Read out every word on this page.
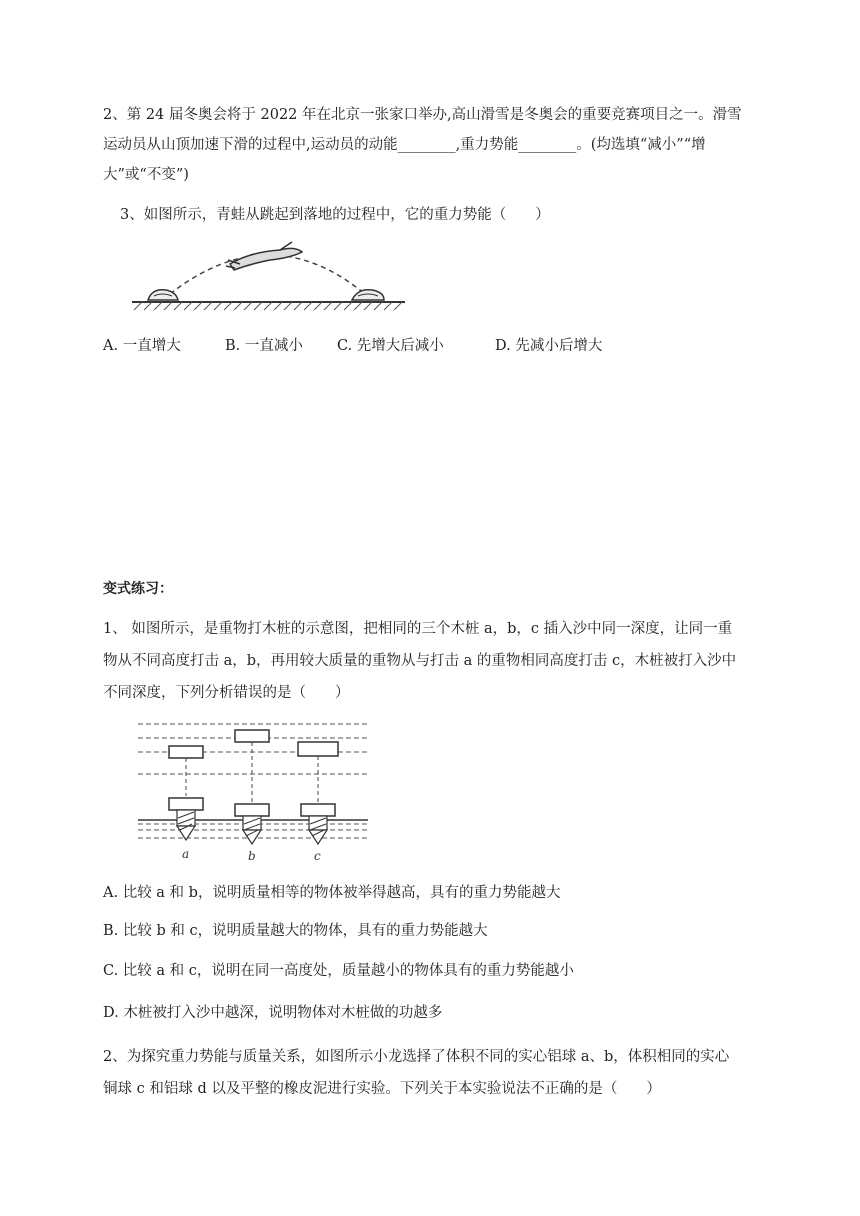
2、第 24 届冬奥会将于 2022 年在北京一张家口举办,高山滑雪是冬奥会的重要竞赛项目之一。滑雪
运动员从山顶加速下滑的过程中,运动员的动能________,重力势能________。(均选填“减小”“增
大”或“不变”)
3、如图所示，青蛙从跳起到落地的过程中，它的重力势能（　　）
A. 一直增大	B. 一直减小 C. 先增大后减小	D. 先减小后增大
变式练习：
1、 如图所示，是重物打木桩的示意图，把相同的三个木桩 a，b，c 插入沙中同一深度，让同一重
物从不同高度打击 a，b，再用较大质量的重物从与打击 a 的重物相同高度打击 c，木桩被打入沙中
不同深度，下列分析错误的是（　　）
a	b	c
A. 比较 a 和 b，说明质量相等的物体被举得越高，具有的重力势能越大
B. 比较 b 和 c，说明质量越大的物体，具有的重力势能越大
C. 比较 a 和 c，说明在同一高度处，质量越小的物体具有的重力势能越小
D. 木桩被打入沙中越深，说明物体对木桩做的功越多
2、为探究重力势能与质量关系，如图所示小龙选择了体积不同的实心铝球 a、b，体积相同的实心
铜球 c 和铝球 d 以及平整的橡皮泥进行实验。下列关于本实验说法不正确的是（　　）
